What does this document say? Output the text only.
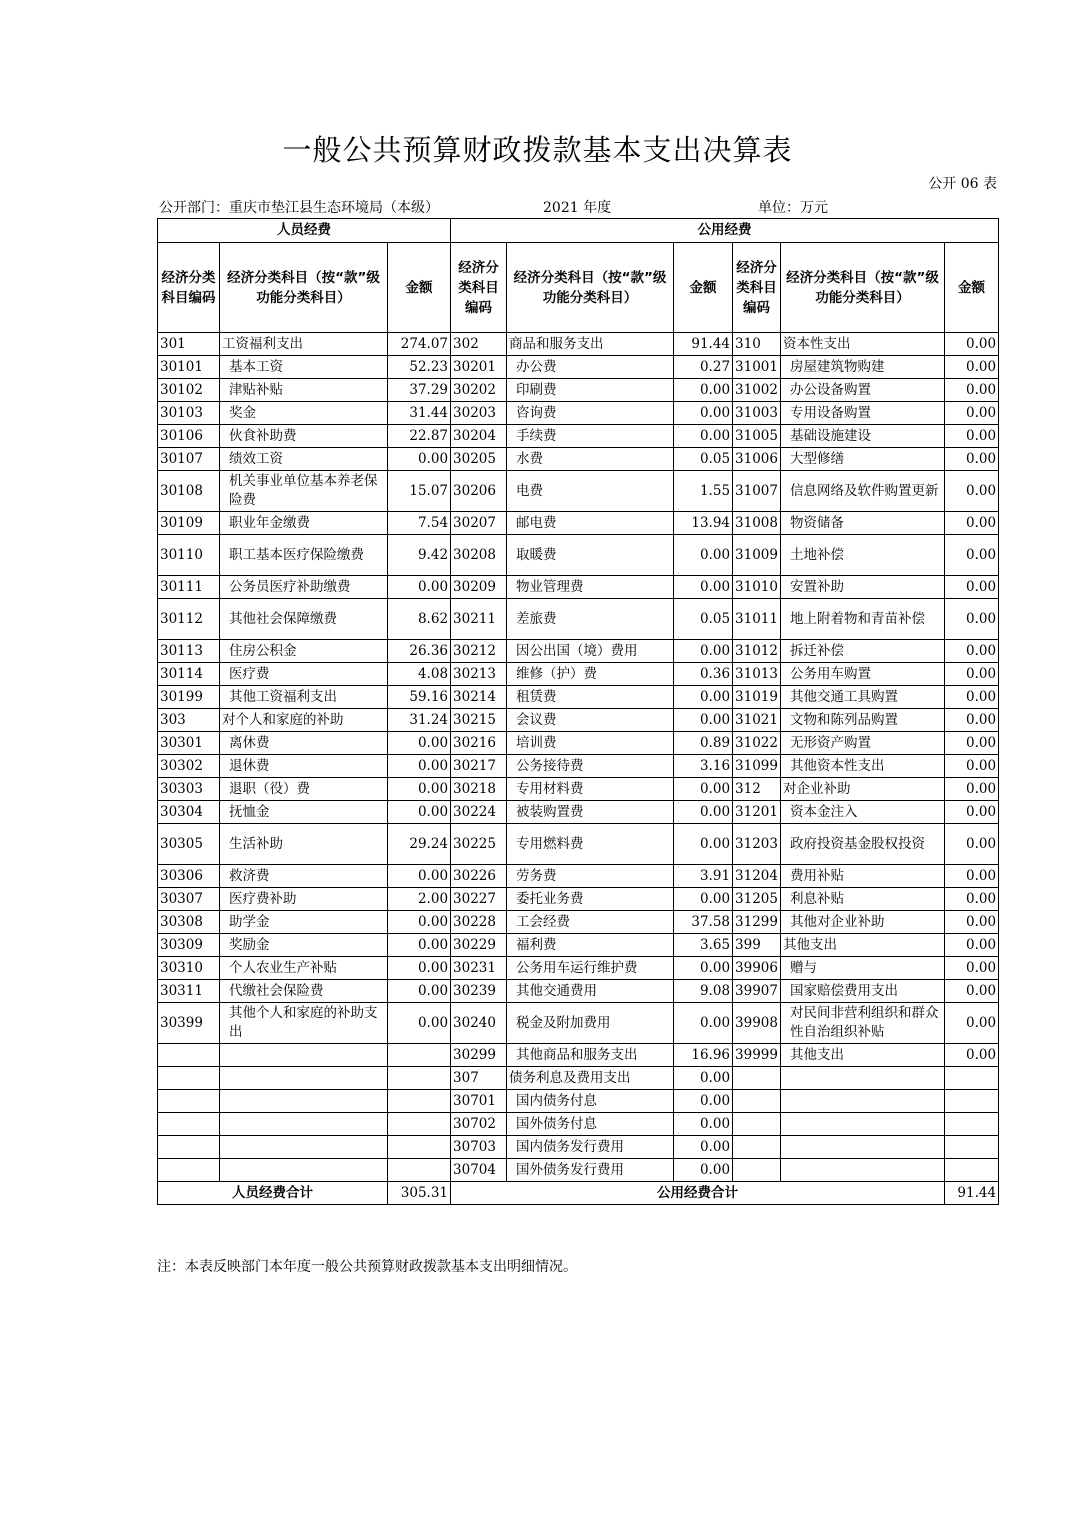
一般公共预算财政拨款基本支出决算表
公开 06 表
公开部门：重庆市垫江县生态环境局（本级）	2021 年度	单位：万元
人员经费			公用经费					
经济分类科目编码	经济分类科目（按“款”级功能分类科目）	金额	经济分类科目编码	经济分类科目（按“款”级功能分类科目）	金额	经济分类科目编码	经济分类科目（按“款”级功能分类科目）	金额
301	工资福利支出	274.07	302	商品和服务支出	91.44	310	资本性支出	0.00
30101	基本工资	52.23	30201	办公费	0.27	31001	房屋建筑物购建	0.00
30102	津贴补贴	37.29	30202	印刷费	0.00	31002	办公设备购置	0.00
30103	奖金	31.44	30203	咨询费	0.00	31003	专用设备购置	0.00
30106	伙食补助费	22.87	30204	手续费	0.00	31005	基础设施建设	0.00
30107	绩效工资	0.00	30205	水费	0.05	31006	大型修缮	0.00
30108	机关事业单位基本养老保险费	15.07	30206	电费	1.55	31007	信息网络及软件购置更新	0.00
30109	职业年金缴费	7.54	30207	邮电费	13.94	31008	物资储备	0.00
30110	职工基本医疗保险缴费	9.42	30208	取暖费	0.00	31009	土地补偿	0.00
30111	公务员医疗补助缴费	0.00	30209	物业管理费	0.00	31010	安置补助	0.00
30112	其他社会保障缴费	8.62	30211	差旅费	0.05	31011	地上附着物和青苗补偿	0.00
30113	住房公积金	26.36	30212	因公出国（境）费用	0.00	31012	拆迁补偿	0.00
30114	医疗费	4.08	30213	维修（护）费	0.36	31013	公务用车购置	0.00
30199	其他工资福利支出	59.16	30214	租赁费	0.00	31019	其他交通工具购置	0.00
303	对个人和家庭的补助	31.24	30215	会议费	0.00	31021	文物和陈列品购置	0.00
30301	离休费	0.00	30216	培训费	0.89	31022	无形资产购置	0.00
30302	退休费	0.00	30217	公务接待费	3.16	31099	其他资本性支出	0.00
30303	退职（役）费	0.00	30218	专用材料费	0.00	312	对企业补助	0.00
30304	抚恤金	0.00	30224	被装购置费	0.00	31201	资本金注入	0.00
30305	生活补助	29.24	30225	专用燃料费	0.00	31203	政府投资基金股权投资	0.00
30306	救济费	0.00	30226	劳务费	3.91	31204	费用补贴	0.00
30307	医疗费补助	2.00	30227	委托业务费	0.00	31205	利息补贴	0.00
30308	助学金	0.00	30228	工会经费	37.58	31299	其他对企业补助	0.00
30309	奖励金	0.00	30229	福利费	3.65	399	其他支出	0.00
30310	个人农业生产补贴	0.00	30231	公务用车运行维护费	0.00	39906	赠与	0.00
30311	代缴社会保险费	0.00	30239	其他交通费用	9.08	39907	国家赔偿费用支出	0.00
30399	其他个人和家庭的补助支出	0.00	30240	税金及附加费用	0.00	39908	对民间非营利组织和群众性自治组织补贴	0.00
			30299	其他商品和服务支出	16.96	39999	其他支出	0.00
			307	债务利息及费用支出	0.00			
			30701	国内债务付息	0.00			
			30702	国外债务付息	0.00			
			30703	国内债务发行费用	0.00			
			30704	国外债务发行费用	0.00			
人员经费合计		305.31	公用经费合计					91.44
注：本表反映部门本年度一般公共预算财政拨款基本支出明细情况。
